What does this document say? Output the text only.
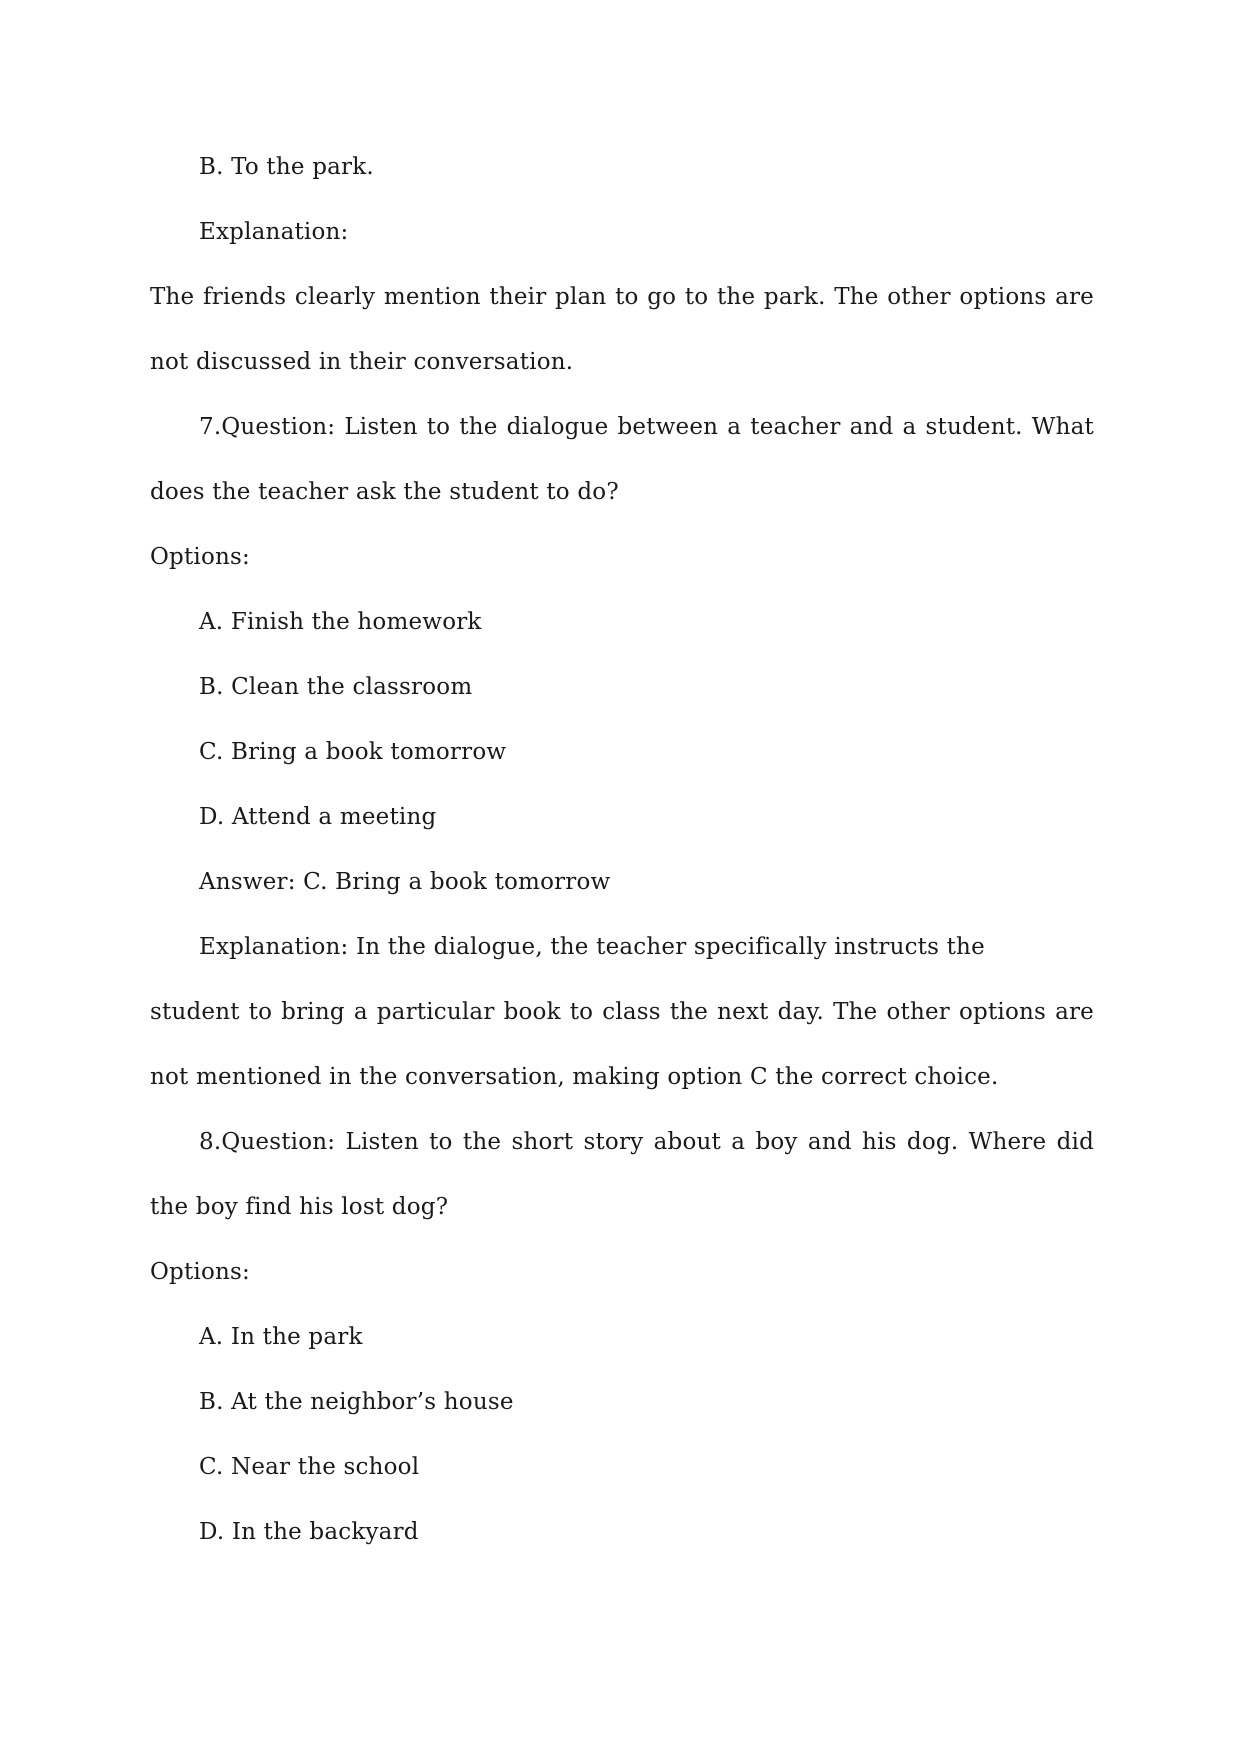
B. To the park.
Explanation:
The friends clearly mention their plan to go to the park. The other options are
not discussed in their conversation.
7.Question: Listen to the dialogue between a teacher and a student. What
does the teacher ask the student to do?
Options:
A. Finish the homework
B. Clean the classroom
C. Bring a book tomorrow
D. Attend a meeting
Answer: C. Bring a book tomorrow
Explanation: In the dialogue, the teacher specifically instructs the
student to bring a particular book to class the next day. The other options are
not mentioned in the conversation, making option C the correct choice.
8.Question: Listen to the short story about a boy and his dog. Where did
the boy find his lost dog?
Options:
A. In the park
B. At the neighbor’s house
C. Near the school
D. In the backyard
